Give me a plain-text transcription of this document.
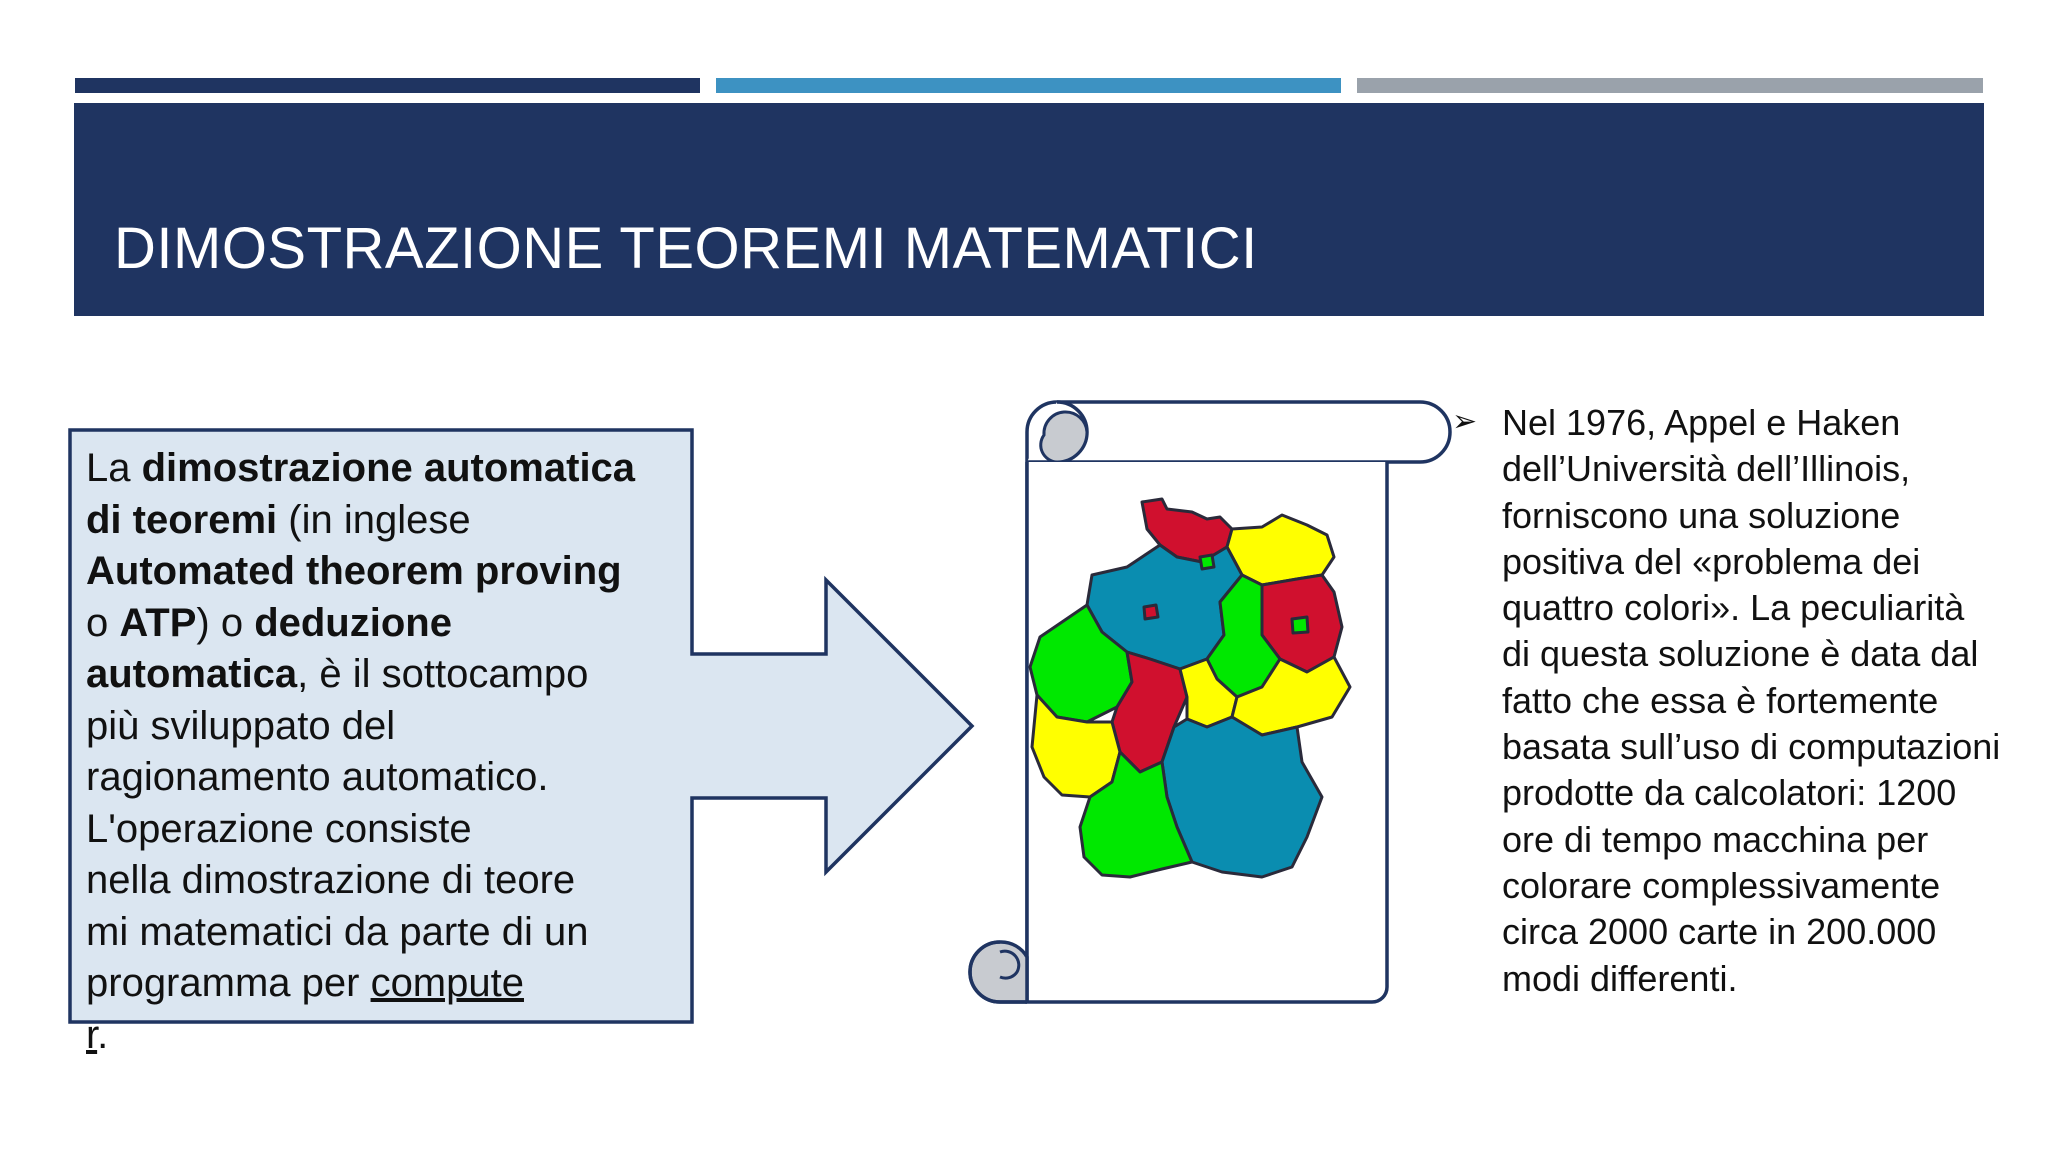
DIMOSTRAZIONE TEOREMI MATEMATICI
La dimostrazione automatica di teoremi (in inglese Automated theorem proving o ATP) o deduzione automatica, è il sottocampo più sviluppato del ragionamento automatico. L'operazione consiste
nella dimostrazione di teore
mi matematici da parte di un programma per compute
r.
➢ Nel 1976, Appel e Haken dell’Università dell’Illinois, forniscono una soluzione positiva del «problema dei quattro colori». La peculiarità di questa soluzione è data dal fatto che essa è fortemente basata sull’uso di computazioni prodotte da calcolatori: 1200 ore di tempo macchina per colorare complessivamente circa 2000 carte in 200.000 modi differenti.
